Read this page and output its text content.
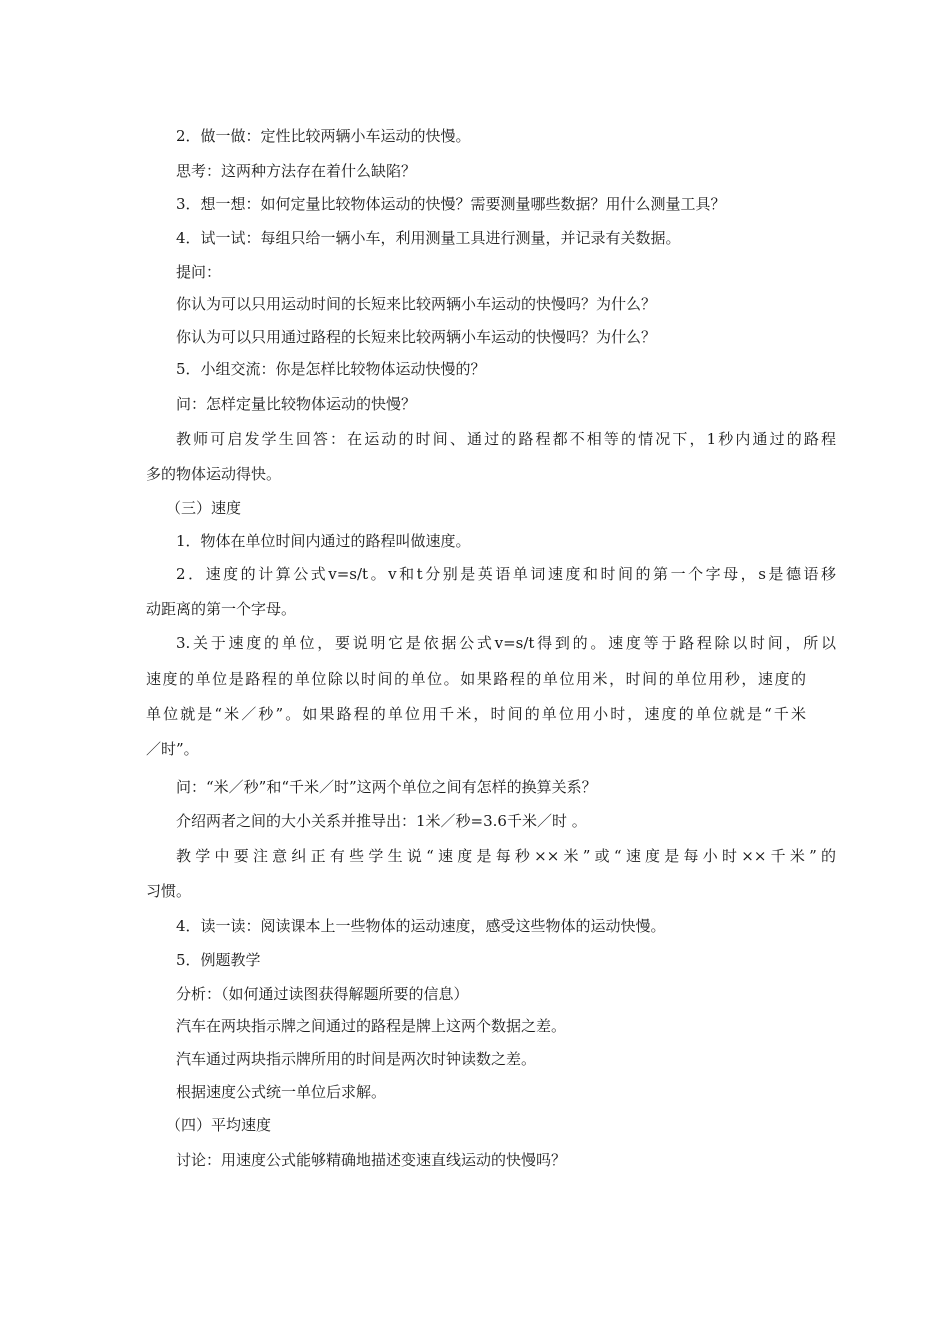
2．做一做：定性比较两辆小车运动的快慢。
思考：这两种方法存在着什么缺陷？
3．想一想：如何定量比较物体运动的快慢？需要测量哪些数据？用什么测量工具？
4．试一试：每组只给一辆小车，利用测量工具进行测量，并记录有关数据。
提问：
你认为可以只用运动时间的长短来比较两辆小车运动的快慢吗？为什么？
你认为可以只用通过路程的长短来比较两辆小车运动的快慢吗？为什么？
5．小组交流：你是怎样比较物体运动快慢的？
问：怎样定量比较物体运动的快慢？
教师可启发学生回答：在运动的时间、通过的路程都不相等的情况下，1秒内通过的路程
多的物体运动得快。
（三）速度
1．物体在单位时间内通过的路程叫做速度。
2．速度的计算公式v=s/t。v和t分别是英语单词速度和时间的第一个字母，s是德语移
动距离的第一个字母。
3.关于速度的单位，要说明它是依据公式v=s/t得到的。速度等于路程除以时间，所以
速度的单位是路程的单位除以时间的单位。如果路程的单位用米，时间的单位用秒，速度的
单位就是“米／秒”。如果路程的单位用千米，时间的单位用小时，速度的单位就是“千米
／时”。
问：“米／秒”和“千米／时”这两个单位之间有怎样的换算关系？
介绍两者之间的大小关系并推导出：1米／秒=3.6千米／时 。
教学中要注意纠正有些学生说“速度是每秒××米”或“速度是每小时××千米”的
习惯。
4．读一读：阅读课本上一些物体的运动速度，感受这些物体的运动快慢。
5．例题教学
分析：（如何通过读图获得解题所要的信息）
汽车在两块指示牌之间通过的路程是牌上这两个数据之差。
汽车通过两块指示牌所用的时间是两次时钟读数之差。
根据速度公式统一单位后求解。
（四）平均速度
讨论：用速度公式能够精确地描述变速直线运动的快慢吗？
